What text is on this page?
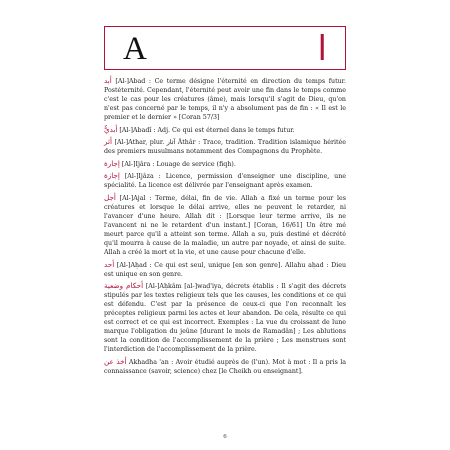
A	ا

أبد [Al-]Abad : Ce terme désigne l'éternité en direction du temps futur. Postéternité. Cependant, l'éternité peut avoir une fin dans le temps comme c'est le cas pour les créatures (âme), mais lorsqu'il s'agit de Dieu, qu'on n'est pas concerné par le temps, il n'y a absolument pas de fin : « Il est le premier et le dernier » [Coran 57/3]

أبديٌّ [Al-]Abadî : Adj. Ce qui est éternel dans le temps futur.

أثر [Al-]Athar, plur. آثار Âthâr : Trace, tradition. Tradition islamique héritée des premiers musulmans notamment des Compagnons du Prophète.

إجارة [Al-]Ijâra : Louage de service (fiqh).

إجازة [Al-]Ijâza : Licence, permission d'enseigner une discipline, une spécialité. La licence est délivrée par l'enseignant après examen.

أجل [Al-]Ajal : Terme, délai, fin de vie. Allah a fixé un terme pour les créatures et lorsque le délai arrive, elles ne peuvent le retarder, ni l'avancer d'une heure. Allah dit : [Lorsque leur terme arrive, ils ne l'avancent ni ne le retardent d'un instant.] [Coran, 16/61] Un être mé meurt parce qu'il a atteint son terme. Allah a su, puis destiné et décrété qu'il mourra à cause de la maladie, un autre par noyade, et ainsi de suite. Allah a créé la mort et la vie, et une cause pour chacune d'elle.

أحد [Al-]Aḥad : Ce qui est seul, unique [en son genre]. Allahu aḥad : Dieu est unique en son genre.

أحكام وضعية [Al-]Aḥkâm [al-]waḍ'iya, décrets établis : Il s'agit des décrets stipulés par les textes religieux tels que les causes, les conditions et ce qui est défendu. C'est par la présence de ceux-ci que l'on reconnaît les préceptes religieux parmi les actes et leur abandon. De cela, résulte ce qui est correct et ce qui est incorrect. Exemples : La vue du croissant de lune marque l'obligation du jeûne [durant le mois de Ramadân] ; Les ablutions sont la condition de l'accomplissement de la prière ; Les menstrues sont l'interdiction de l'accomplissement de la prière.

أخذ عن Akhadha 'an : Avoir étudié auprès de (l'un). Mot à mot : Il a pris la connaissance (savoir, science) chez [le Cheikh ou enseignant].

6
